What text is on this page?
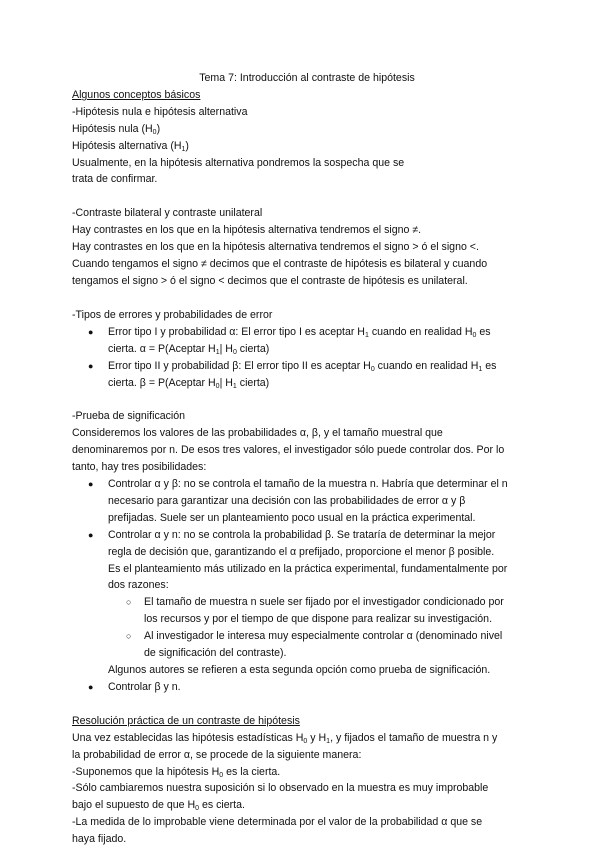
Tema 7: Introducción al contraste de hipótesis

Algunos conceptos básicos

-Hipótesis nula e hipótesis alternativa

Hipótesis nula $(H_0)$

Hipótesis alternativa $(H_1)$

Usualmente, en la hipótesis alternativa pondremos la sospecha que se

trata de confirmar.

-Contraste bilateral y contraste unilateral

Hay contrastes en los que en la hipótesis alternativa tendremos el signo ≠.

Hay contrastes en los que en la hipótesis alternativa tendremos el signo > ó el signo <.

Cuando tengamos el signo ≠ decimos que el contraste de hipótesis es bilateral y cuando

tengamos el signo > ó el signo < decimos que el contraste de hipótesis es unilateral.

-Tipos de errores y probabilidades de error

● Error tipo I y probabilidad α: El error tipo I es aceptar $H_1$ cuando en realidad $H_0$ es

cierta. α = P(Aceptar $H_1|$ $H_0$ cierta)

● Error tipo II y probabilidad β: El error tipo II es aceptar $H_0$ cuando en realidad $H_1$ es

cierta. β = P(Aceptar $H_0|$ $H_1$ cierta)

-Prueba de significación

Consideremos los valores de las probabilidades α, β, y el tamaño muestral que

denominaremos por n. De esos tres valores, el investigador sólo puede controlar dos. Por lo

tanto, hay tres posibilidades:

● Controlar α y β: no se controla el tamaño de la muestra n. Habría que determinar el n

necesario para garantizar una decisión con las probabilidades de error α y β

prefijadas. Suele ser un planteamiento poco usual en la práctica experimental.

● Controlar α y n: no se controla la probabilidad β. Se trataría de determinar la mejor

regla de decisión que, garantizando el α prefijado, proporcione el menor β posible.

Es el planteamiento más utilizado en la práctica experimental, fundamentalmente por

dos razones:

○ El tamaño de muestra n suele ser fijado por el investigador condicionado por

los recursos y por el tiempo de que dispone para realizar su investigación.

○ Al investigador le interesa muy especialmente controlar α (denominado nivel

de significación del contraste).

Algunos autores se refieren a esta segunda opción como prueba de significación.

● Controlar β y n.

Resolución práctica de un contraste de hipótesis

Una vez establecidas las hipótesis estadísticas $H_0$ y $H_1$, y fijados el tamaño de muestra n y

la probabilidad de error α, se procede de la siguiente manera:

-Suponemos que la hipótesis $H_0$ es la cierta.

-Sólo cambiaremos nuestra suposición si lo observado en la muestra es muy improbable

bajo el supuesto de que $H_0$ es cierta.

-La medida de lo improbable viene determinada por el valor de la probabilidad α que se

haya fijado.
